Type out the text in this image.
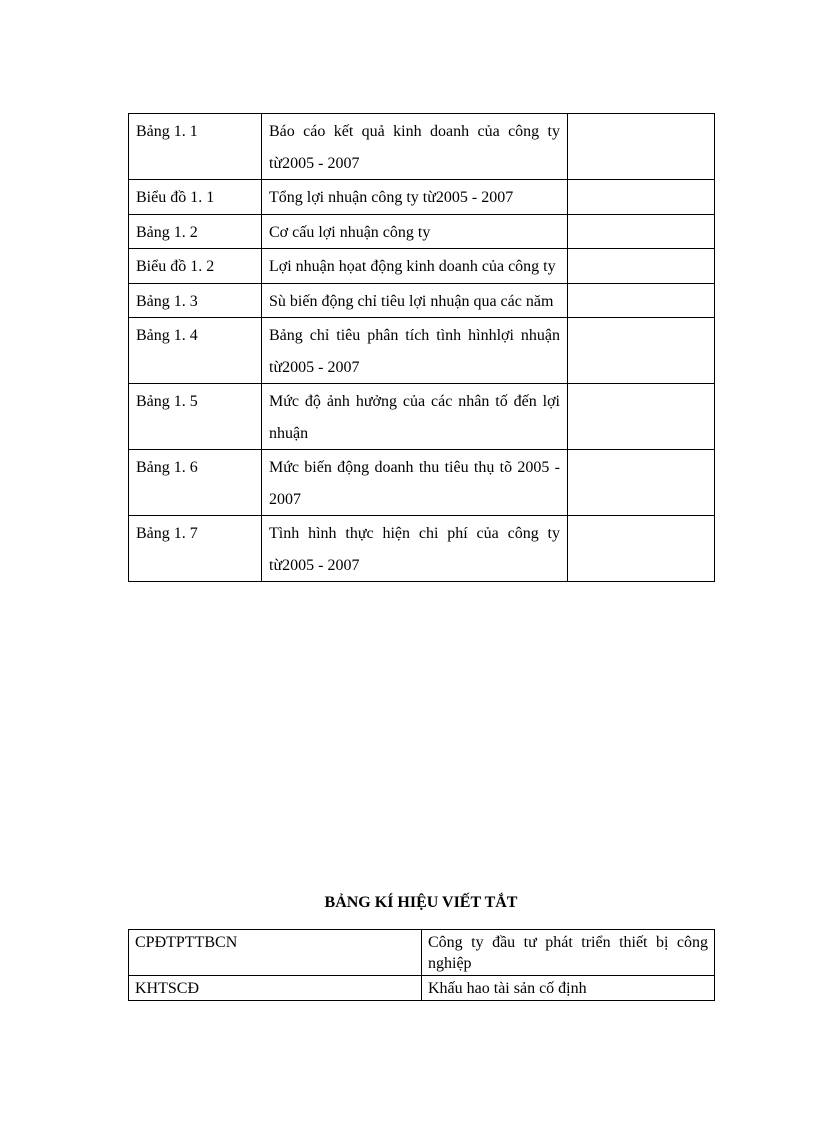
Bảng 1. 1	Báo cáo kết quả kinh doanh của công ty từ2005 - 2007	
Biểu đồ 1. 1	Tổng lợi nhuận công ty từ2005 - 2007	
Bảng 1. 2	Cơ cấu lợi nhuận công ty	
Biểu đồ 1. 2	Lợi nhuận họat động kinh doanh của công ty	
Bảng 1. 3	Sù biến động chỉ tiêu lợi nhuận qua các năm	
Bảng 1. 4	Bảng chỉ tiêu phân tích tình hìnhlợi nhuận từ2005 - 2007	
Bảng 1. 5	Mức độ ảnh hưởng của các nhân tố đến lợi nhuận	
Bảng 1. 6	Mức biến động doanh thu tiêu thụ tõ 2005 - 2007	
Bảng 1. 7	Tình hình thực hiện chi phí của công ty từ2005 - 2007	
BẢNG KÍ HIỆU VIẾT TẮT
CPĐTPTTBCN	Công ty đầu tư phát triển thiết bị công nghiệp
KHTSCĐ	Khấu hao tài sản cố định
